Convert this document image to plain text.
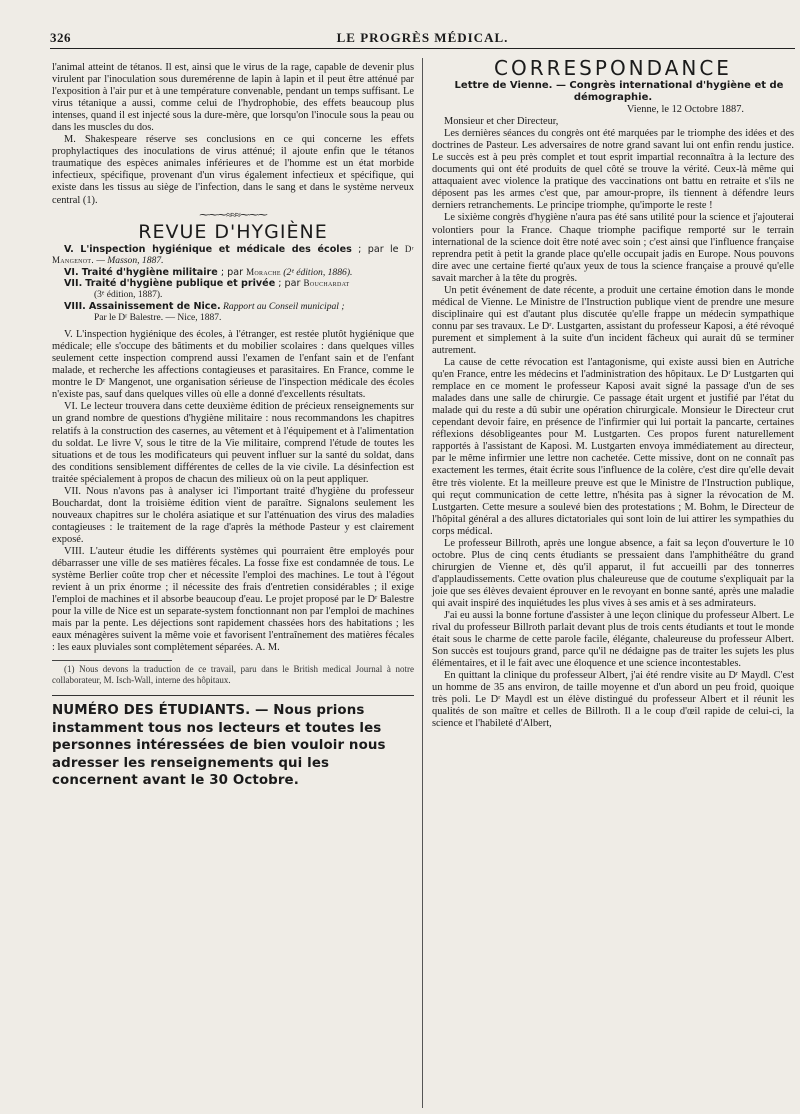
326	LE PROGRÈS MÉDICAL.

l'animal atteint de tétanos. Il est, ainsi que le virus de la rage, capable de devenir plus virulent par l'inoculation sous duremérenne de lapin à lapin et il peut être atténué par l'exposition à l'air pur et à une température convenable, pendant un temps suffisant. Le virus tétanique a aussi, comme celui de l'hydrophobie, des effets beaucoup plus intenses, quand il est injecté sous la dure-mère, que lorsqu'on l'inocule sous la peau ou dans les muscles du dos.

M. Shakespeare réserve ses conclusions en ce qui concerne les effets prophylactiques des inoculations de virus atténué; il ajoute enfin que le tétanos traumatique des espèces animales inférieures et de l'homme est un état morbide infectieux, spécifique, provenant d'un virus également infectieux et spécifique, qui existe dans les tissus au siège de l'infection, dans le sang et dans le système nerveux central (1).

⁓⁓⁓≈≈≈⁓⁓⁓
REVUE D'HYGIÈNE

V. L'inspection hygiénique et médicale des écoles ; par le Dʳ Mangenot. — Masson, 1887.

VI. Traité d'hygiène militaire ; par Morache (2ᵉ édition, 1886).

VII. Traité d'hygiène publique et privée ; par Bouchardat
(3ᵉ édition, 1887).

VIII. Assainissement de Nice. Rapport au Conseil municipal ;
Par le Dʳ Balestre. — Nice, 1887.

V. L'inspection hygiénique des écoles, à l'étranger, est restée plutôt hygiénique que médicale; elle s'occupe des bâtiments et du mobilier scolaires : dans quelques villes seulement cette inspection comprend aussi l'examen de l'enfant sain et de l'enfant malade, et recherche les affections contagieuses et parasitaires. En France, comme le montre le Dʳ Mangenot, une organisation sérieuse de l'inspection médicale des écoles n'existe pas, sauf dans quelques villes où elle a donné d'excellents résultats.

VI. Le lecteur trouvera dans cette deuxième édition de précieux renseignements sur un grand nombre de questions d'hygiène militaire : nous recommandons les chapitres relatifs à la construction des casernes, au vêtement et à l'équipement et à l'alimentation du soldat. Le livre V, sous le titre de la Vie militaire, comprend l'étude de toutes les situations et de tous les modificateurs qui peuvent influer sur la santé du soldat, dans des conditions sensiblement différentes de celles de la vie civile. La désinfection est traitée spécialement à propos de chacun des milieux où on la peut appliquer.

VII. Nous n'avons pas à analyser ici l'important traité d'hygiène du professeur Bouchardat, dont la troisième édition vient de paraître. Signalons seulement les nouveaux chapitres sur le choléra asiatique et sur l'atténuation des virus des maladies contagieuses : le traitement de la rage d'après la méthode Pasteur y est clairement exposé.

VIII. L'auteur étudie les différents systèmes qui pourraient être employés pour débarrasser une ville de ses matières fécales. La fosse fixe est condamnée de tous. Le système Berlier coûte trop cher et nécessite l'emploi des machines. Le tout à l'égout revient à un prix énorme ; il nécessite des frais d'entretien considérables ; il exige l'emploi de machines et il absorbe beaucoup d'eau. Le projet proposé par le Dʳ Balestre pour la ville de Nice est un separate-system fonctionnant non par l'emploi de machines mais par la pente. Les déjections sont rapidement chassées hors des habitations ; les eaux ménagères suivent la même voie et favorisent l'entraînement des matières fécales : les eaux pluviales sont complètement séparées. A. M.

(1) Nous devons la traduction de ce travail, paru dans le British medical Journal à notre collaborateur, M. Isch-Wall, interne des hôpitaux.

NUMÉRO DES ÉTUDIANTS. — Nous prions instamment tous nos lecteurs et toutes les personnes intéressées de bien vouloir nous adresser les renseignements qui les concernent avant le 30 Octobre.
CORRESPONDANCE

Lettre de Vienne. — Congrès international d'hygiène et de démographie.

Vienne, le 12 Octobre 1887.

Monsieur et cher Directeur,

Les dernières séances du congrès ont été marquées par le triomphe des idées et des doctrines de Pasteur. Les adversaires de notre grand savant lui ont enfin rendu justice. Le succès est à peu près complet et tout esprit impartial reconnaîtra à la lecture des documents qui ont été produits de quel côté se trouve la vérité. Ceux-là même qui attaquaient avec violence la pratique des vaccinations ont battu en retraite et s'ils ne déposent pas les armes c'est que, par amour-propre, ils tiennent à défendre leurs derniers retranchements. Le principe triomphe, qu'importe le reste !

Le sixième congrès d'hygiène n'aura pas été sans utilité pour la science et j'ajouterai volontiers pour la France. Chaque triomphe pacifique remporté sur le terrain international de la science doit être noté avec soin ; c'est ainsi que l'influence française reprendra petit à petit la grande place qu'elle occupait jadis en Europe. Nous pouvons dire avec une certaine fierté qu'aux yeux de tous la science française a prouvé qu'elle savait marcher à la tête du progrès.

Un petit événement de date récente, a produit une certaine émotion dans le monde médical de Vienne. Le Ministre de l'Instruction publique vient de prendre une mesure disciplinaire qui est d'autant plus discutée qu'elle frappe un médecin sympathique connu par ses travaux. Le Dʳ. Lustgarten, assistant du professeur Kaposi, a été révoqué purement et simplement à la suite d'un incident fâcheux qui aurait dû se terminer autrement.

La cause de cette révocation est l'antagonisme, qui existe aussi bien en Autriche qu'en France, entre les médecins et l'administration des hôpitaux. Le Dʳ Lustgarten qui remplace en ce moment le professeur Kaposi avait signé la passage d'un de ses malades dans une salle de chirurgie. Ce passage était urgent et justifié par l'état du malade qui du reste a dû subir une opération chirurgicale. Monsieur le Directeur crut cependant devoir faire, en présence de l'infirmier qui lui portait la pancarte, certaines réflexions désobligeantes pour M. Lustgarten. Ces propos furent naturellement rapportés à l'assistant de Kaposi. M. Lustgarten envoya immédiatement au directeur, par le même infirmier une lettre non cachetée. Cette missive, dont on ne connaît pas exactement les termes, était écrite sous l'influence de la colère, c'est dire qu'elle devait être très violente. Et la meilleure preuve est que le Ministre de l'Instruction publique, qui reçut communication de cette lettre, n'hésita pas à signer la révocation de M. Lustgarten. Cette mesure a soulevé bien des protestations ; M. Bohm, le Directeur de l'hôpital général a des allures dictatoriales qui sont loin de lui attirer les sympathies du corps médical.

Le professeur Billroth, après une longue absence, a fait sa leçon d'ouverture le 10 octobre. Plus de cinq cents étudiants se pressaient dans l'amphithéâtre du grand chirurgien de Vienne et, dès qu'il apparut, il fut accueilli par des tonnerres d'applaudissements. Cette ovation plus chaleureuse que de coutume s'expliquait par la joie que ses élèves devaient éprouver en le revoyant en bonne santé, après une maladie qui avait inspiré des inquiétudes les plus vives à ses amis et à ses admirateurs.

J'ai eu aussi la bonne fortune d'assister à une leçon clinique du professeur Albert. Le rival du professeur Billroth parlait devant plus de trois cents étudiants et tout le monde était sous le charme de cette parole facile, élégante, chaleureuse du professeur Albert. Son succès est toujours grand, parce qu'il ne dédaigne pas de traiter les sujets les plus élémentaires, et il le fait avec une éloquence et une science incontestables.

En quittant la clinique du professeur Albert, j'ai été rendre visite au Dʳ Maydl. C'est un homme de 35 ans environ, de taille moyenne et d'un abord un peu froid, quoique très poli. Le Dʳ Maydl est un élève distingué du professeur Albert et il réunit les qualités de son maître et celles de Billroth. Il a le coup d'œil rapide de celui-ci, la science et l'habileté d'Albert,
